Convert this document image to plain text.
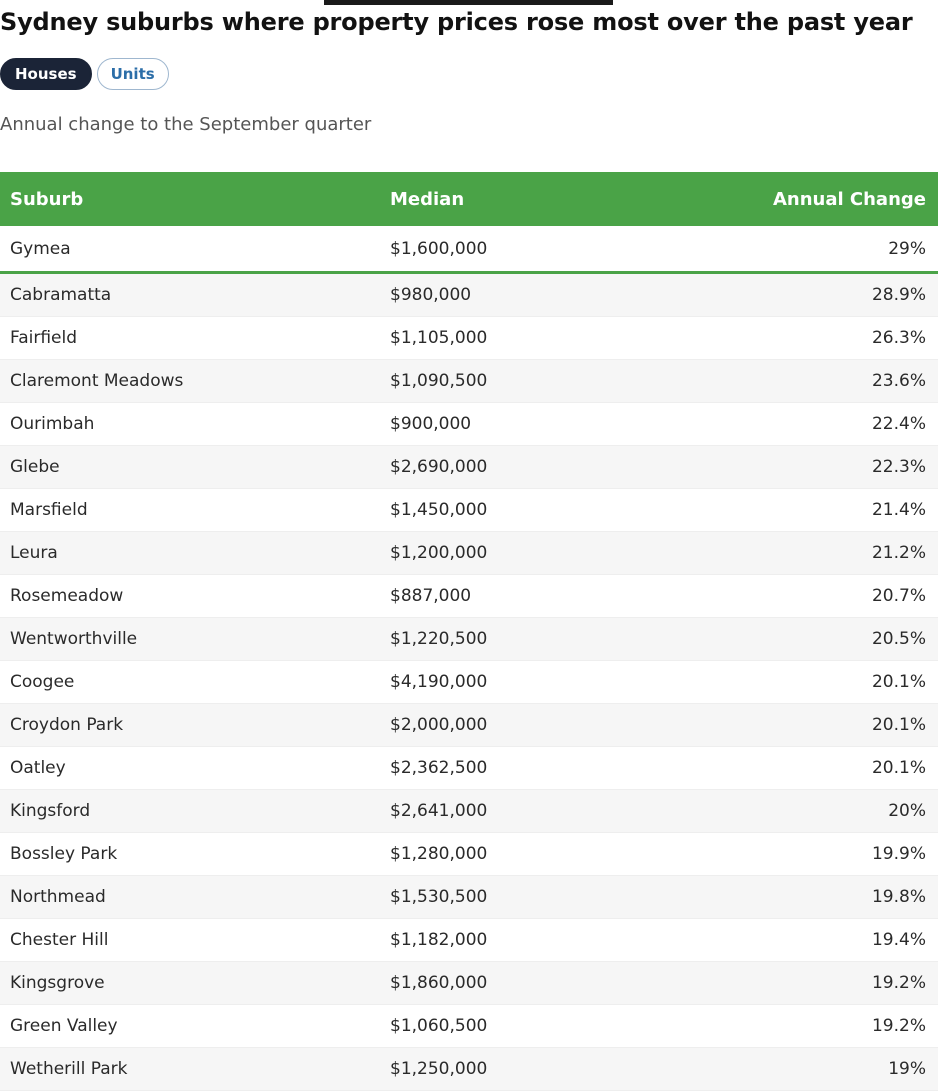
Sydney suburbs where property prices rose most over the past year
Houses	Units
Annual change to the September quarter
Suburb	Median	Annual Change
Gymea	$1,600,000	29%
Cabramatta	$980,000	28.9%
Fairfield	$1,105,000	26.3%
Claremont Meadows	$1,090,500	23.6%
Ourimbah	$900,000	22.4%
Glebe	$2,690,000	22.3%
Marsfield	$1,450,000	21.4%
Leura	$1,200,000	21.2%
Rosemeadow	$887,000	20.7%
Wentworthville	$1,220,500	20.5%
Coogee	$4,190,000	20.1%
Croydon Park	$2,000,000	20.1%
Oatley	$2,362,500	20.1%
Kingsford	$2,641,000	20%
Bossley Park	$1,280,000	19.9%
Northmead	$1,530,500	19.8%
Chester Hill	$1,182,000	19.4%
Kingsgrove	$1,860,000	19.2%
Green Valley	$1,060,500	19.2%
Wetherill Park	$1,250,000	19%
